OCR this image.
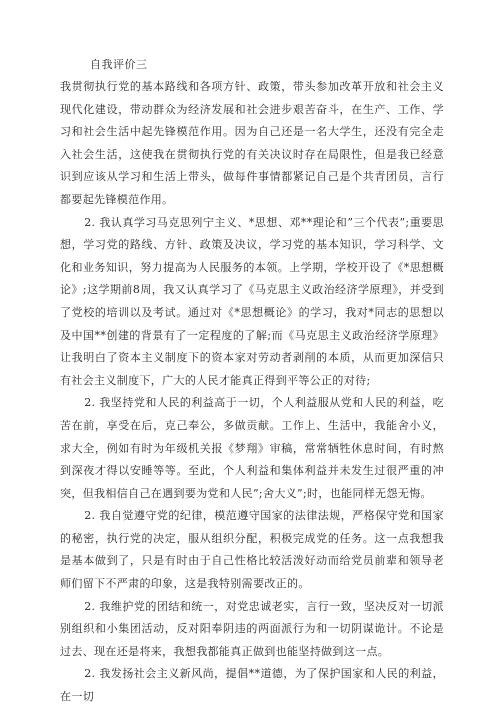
自我评价三

我贯彻执行党的基本路线和各项方针、政策，带头参加改革开放和社会主义现代化建设，带动群众为经济发展和社会进步艰苦奋斗，在生产、工作、学习和社会生活中起先锋模范作用。因为自己还是一名大学生，还没有完全走入社会生活，这使我在贯彻执行党的有关决议时存在局限性，但是我已经意识到应该从学习和生活上带头，做每件事情都紧记自己是个共青团员，言行都要起先锋模范作用。

2. 我认真学习马克思列宁主义、*思想、邓**理论和”三个代表”;重要思想，学习党的路线、方针、政策及决议，学习党的基本知识，学习科学、文化和业务知识，努力提高为人民服务的本领。上学期，学校开设了《*思想概论》;这学期前8周，我又认真学习了《马克思主义政治经济学原理》，并受到了党校的培训以及考试。通过对《*思想概论》的学习，我对*同志的思想以及中国**创建的背景有了一定程度的了解;而《马克思主义政治经济学原理》让我明白了资本主义制度下的资本家对劳动者剥削的本质，从而更加深信只有社会主义制度下，广大的人民才能真正得到平等公正的对待;

2. 我坚持党和人民的利益高于一切，个人利益服从党和人民的利益，吃苦在前，享受在后，克己奉公，多做贡献。工作上、生活中，我能舍小义，求大全，例如有时为年级机关报《梦翔》审稿，常常牺牲休息时间，有时熬到深夜才得以安睡等等。至此，个人利益和集体利益并未发生过很严重的冲突，但我相信自己在遇到要为党和人民”;舍大义”;时，也能同样无怨无悔。

2. 我自觉遵守党的纪律，模范遵守国家的法律法规，严格保守党和国家的秘密，执行党的决定，服从组织分配，积极完成党的任务。这一点我想我是基本做到了，只是有时由于自己性格比较活泼好动而给党员前辈和领导老师们留下不严肃的印象，这是我特别需要改正的。

2. 我维护党的团结和统一，对党忠诚老实，言行一致，坚决反对一切派别组织和小集团活动，反对阳奉阴违的两面派行为和一切阴谋诡计。不论是过去、现在还是将来，我想我都能真正做到也能坚持做到这一点。

2. 我发扬社会主义新风尚，提倡**道德，为了保护国家和人民的利益，在一切
